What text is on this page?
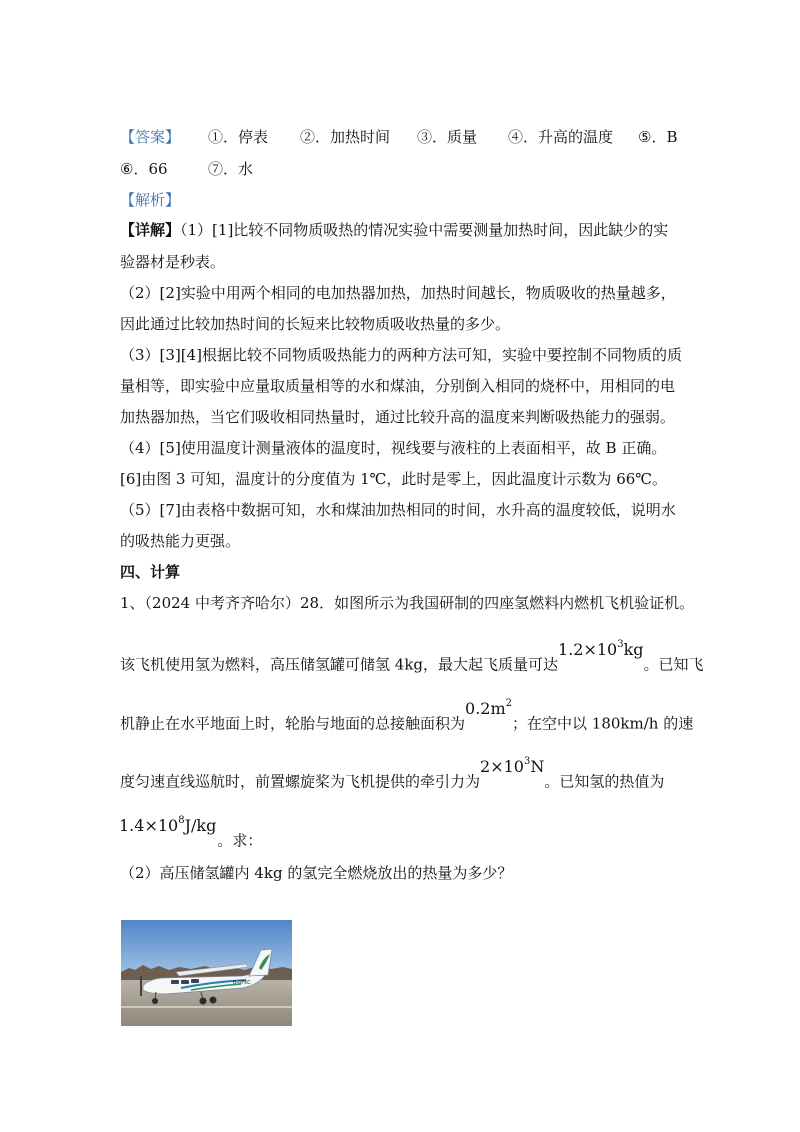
【答案】 ①．停表 ②．加热时间 ③．质量 ④．升高的温度 ⑤．B
⑥．66	⑦．水
【解析】
【详解】（1）[1]比较不同物质吸热的情况实验中需要测量加热时间，因此缺少的实
验器材是秒表。
（2）[2]实验中用两个相同的电加热器加热，加热时间越长，物质吸收的热量越多，
因此通过比较加热时间的长短来比较物质吸收热量的多少。
（3）[3][4]根据比较不同物质吸热能力的两种方法可知，实验中要控制不同物质的质
量相等，即实验中应量取质量相等的水和煤油，分别倒入相同的烧杯中，用相同的电
加热器加热，当它们吸收相同热量时，通过比较升高的温度来判断吸热能力的强弱。
（4）[5]使用温度计测量液体的温度时，视线要与液柱的上表面相平，故 B 正确。
[6]由图 3 可知，温度计的分度值为 1℃，此时是零上，因此温度计示数为 66℃。
（5）[7]由表格中数据可知，水和煤油加热相同的时间，水升高的温度较低，说明水
的吸热能力更强。
四、计算
1、（2024 中考齐齐哈尔）28．如图所示为我国研制的四座氢燃料内燃机飞机验证机。
该飞机使用氢为燃料，高压储氢罐可储氢 4kg，最大起飞质量可达$1.2\times 10^3kg$。已知飞
机静止在水平地面上时，轮胎与地面的总接触面积为$0.2m^2$；在空中以 180km/h 的速
度匀速直线巡航时，前置螺旋桨为飞机提供的牵引力为$2\times 10^3N$。已知氢的热值为
$1.4\times 10^8J/kg$。求：
（2）高压储氢罐内 4kg 的氢完全燃烧放出的热量为多少？
B-0FKC
